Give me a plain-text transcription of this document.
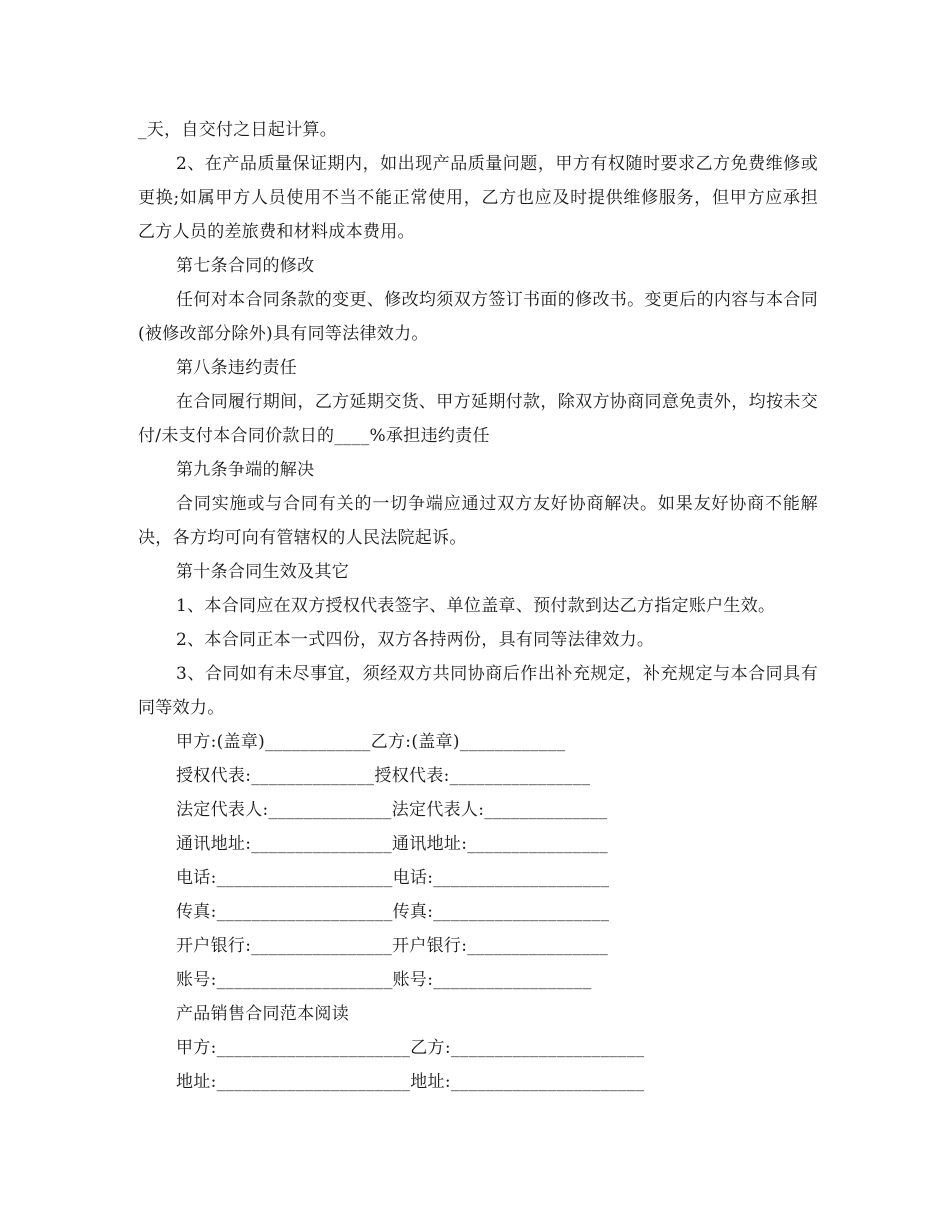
_天，自交付之日起计算。

2、在产品质量保证期内，如出现产品质量问题，甲方有权随时要求乙方免费维修或更换;如属甲方人员使用不当不能正常使用，乙方也应及时提供维修服务，但甲方应承担乙方人员的差旅费和材料成本费用。

第七条合同的修改

任何对本合同条款的变更、修改均须双方签订书面的修改书。变更后的内容与本合同(被修改部分除外)具有同等法律效力。

第八条违约责任

在合同履行期间，乙方延期交货、甲方延期付款，除双方协商同意免责外，均按未交付/未支付本合同价款日的____%承担违约责任

第九条争端的解决

合同实施或与合同有关的一切争端应通过双方友好协商解决。如果友好协商不能解决，各方均可向有管辖权的人民法院起诉。

第十条合同生效及其它

1、本合同应在双方授权代表签字、单位盖章、预付款到达乙方指定账户生效。

2、本合同正本一式四份，双方各持两份，具有同等法律效力。

3、合同如有未尽事宜，须经双方共同协商后作出补充规定，补充规定与本合同具有同等效力。

甲方:(盖章)____________乙方:(盖章)____________

授权代表:______________授权代表:________________

法定代表人:______________法定代表人:______________

通讯地址:________________通讯地址:________________

电话:____________________电话:____________________

传真:____________________传真:____________________

开户银行:________________开户银行:________________

账号:____________________账号:__________________

产品销售合同范本阅读

甲方:______________________乙方:______________________

地址:______________________地址:______________________
